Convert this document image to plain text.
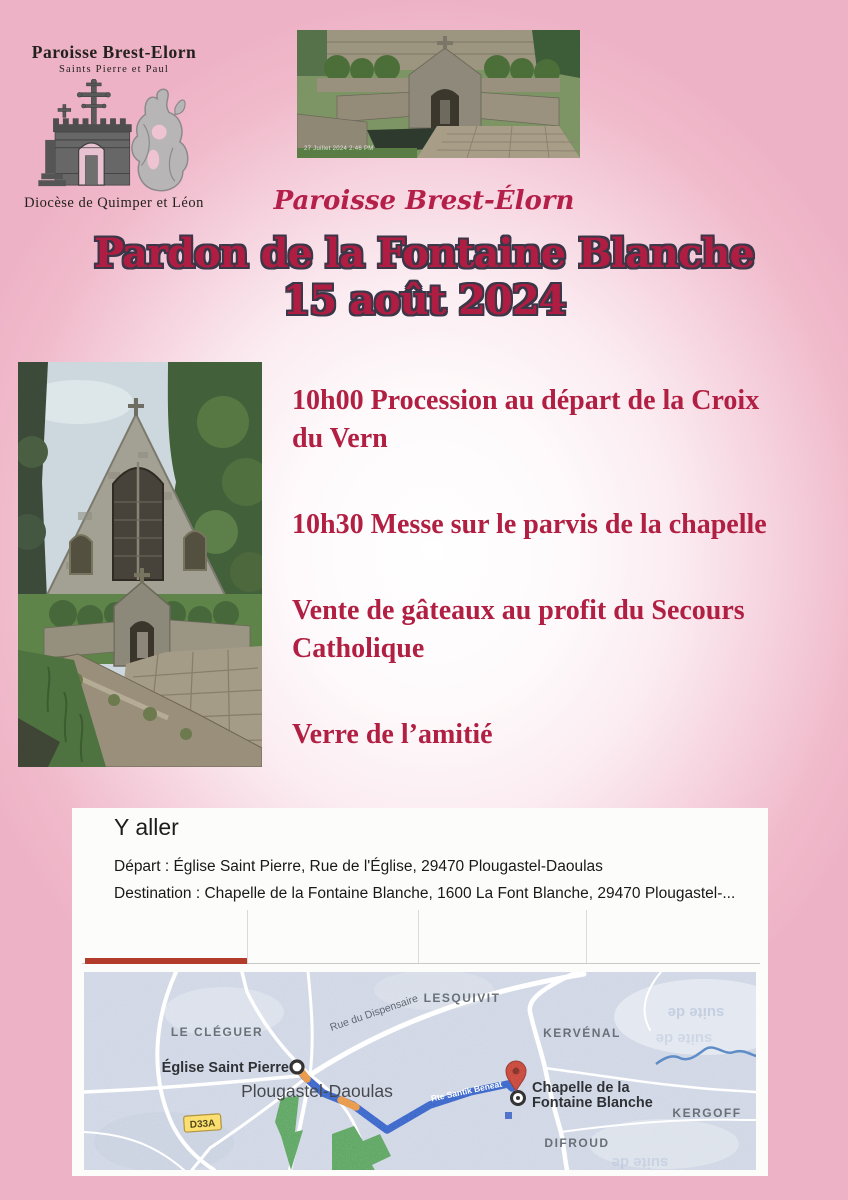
Paroisse Brest-Elorn
Saints Pierre et Paul
Diocèse de Quimper et Léon
27 Juillet 2024 2:46 PM
Paroisse Brest-Élorn
Pardon de la Fontaine Blanche
15 août 2024

10h00 Procession au départ de la Croix du Vern

10h30 Messe sur le parvis de la chapelle

Vente de gâteaux au profit du Secours Catholique

Verre de l’amitié

Y aller
Départ : Église Saint Pierre, Rue de l'Église, 29470 Plougastel-Daoulas
Destination : Chapelle de la Fontaine Blanche, 1600 La Font Blanche, 29470 Plougastel-...
